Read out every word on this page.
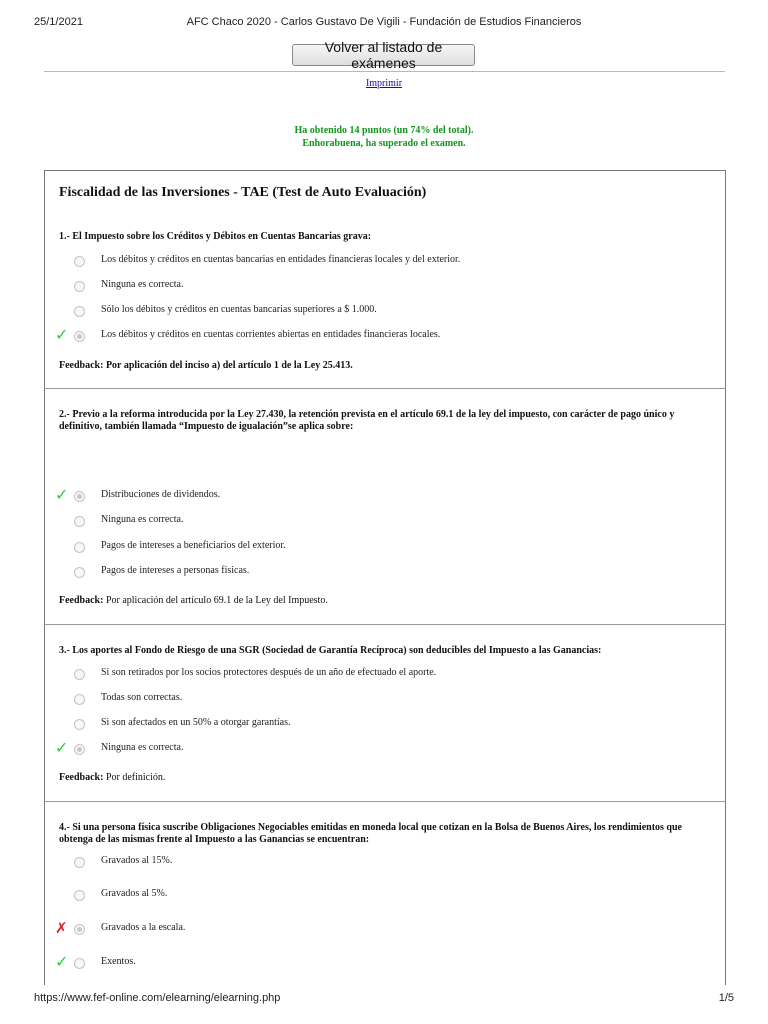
25/1/2021	AFC Chaco 2020 - Carlos Gustavo De Vigili - Fundación de Estudios Financieros
Volver al listado de exámenes
Imprimir
Ha obtenido 14 puntos (un 74% del total).
Enhorabuena, ha superado el examen.
Fiscalidad de las Inversiones - TAE (Test de Auto Evaluación)
1.- El Impuesto sobre los Créditos y Débitos en Cuentas Bancarias grava:
Los débitos y créditos en cuentas bancarias en entidades financieras locales y del exterior.
Ninguna es correcta.
Sólo los débitos y créditos en cuentas bancarias superiores a $ 1.000.
✓	Los débitos y créditos en cuentas corrientes abiertas en entidades financieras locales.
Feedback: Por aplicación del inciso a) del artículo 1 de la Ley 25.413.
2.- Previo a la reforma introducida por la Ley 27.430, la retención prevista en el artículo 69.1 de la ley del impuesto, con carácter de pago único y definitivo, también llamada “Impuesto de igualación”se aplica sobre:
✓	Distribuciones de dividendos.
Ninguna es correcta.
Pagos de intereses a beneficiarios del exterior.
Pagos de intereses a personas físicas.
Feedback: Por aplicación del artículo 69.1 de la Ley del Impuesto.
3.- Los aportes al Fondo de Riesgo de una SGR (Sociedad de Garantía Recíproca) son deducibles del Impuesto a las Ganancias:
Si son retirados por los socios protectores después de un año de efectuado el aporte.
Todas son correctas.
Si son afectados en un 50% a otorgar garantías.
✓	Ninguna es correcta.
Feedback: Por definición.
4.- Si una persona física suscribe Obligaciones Negociables emitidas en moneda local que cotizan en la Bolsa de Buenos Aires, los rendimientos que obtenga de las mismas frente al Impuesto a las Ganancias se encuentran:
Gravados al 15%.
Gravados al 5%.
✗	Gravados a la escala.
✓	Exentos.
https://www.fef-online.com/elearning/elearning.php	1/5
